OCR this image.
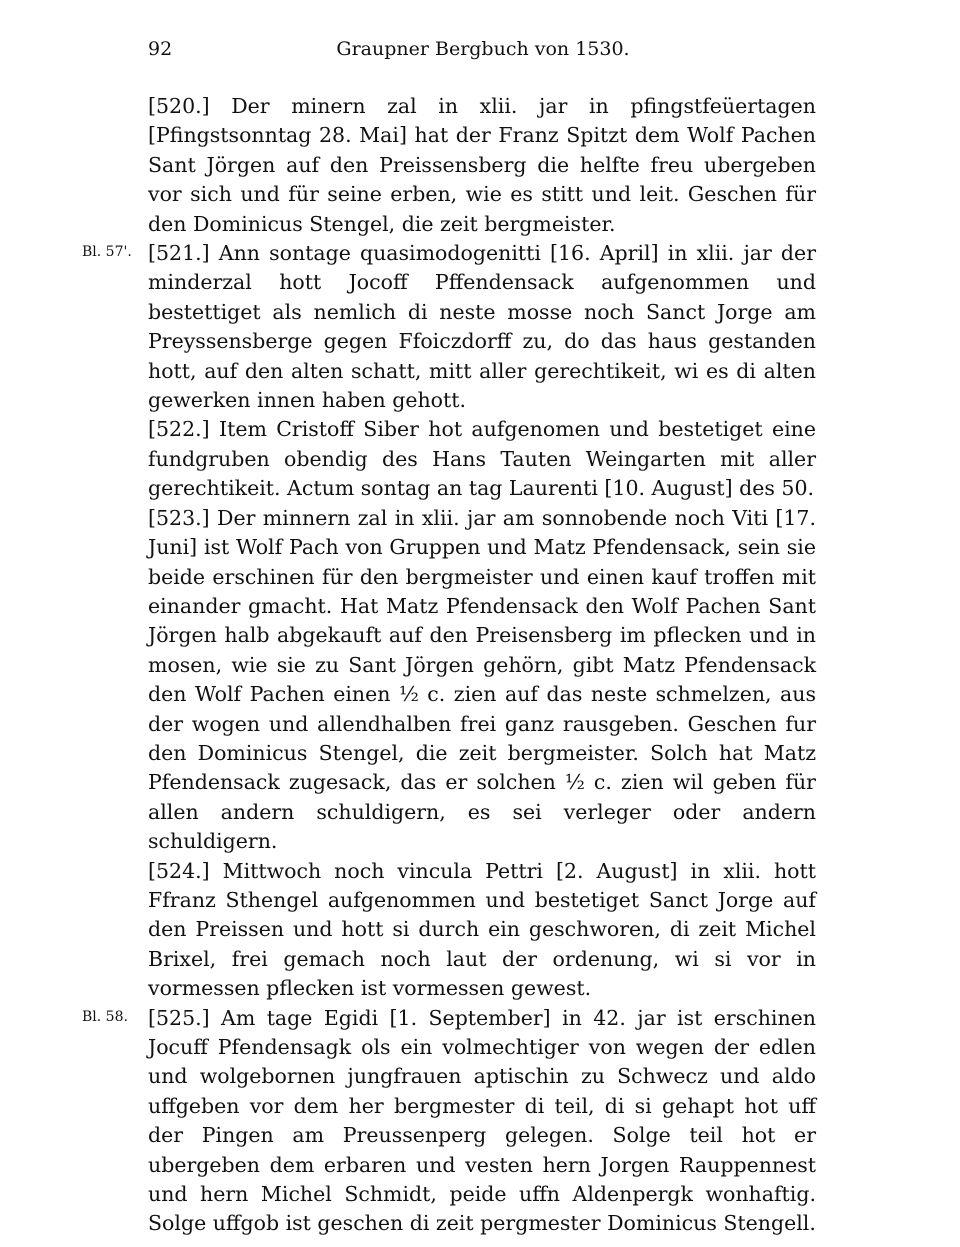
92	Graupner Bergbuch von 1530.

[520.] Der minern zal in xlii. jar in pfingstfeüertagen [Pfingstsonntag 28. Mai] hat der Franz Spitzt dem Wolf Pachen Sant Jörgen auf den Preissensberg die helfte freu ubergeben vor sich und für seine erben, wie es stitt und leit. Geschen für den Dominicus Stengel, die zeit bergmeister.

Bl. 57'. [521.] Ann sontage quasimodogenitti [16. April] in xlii. jar der minderzal hott Jocoff Pffendensack aufgenommen und bestettiget als nemlich di neste mosse noch Sanct Jorge am Preyssensberge gegen Ffoiczdorff zu, do das haus gestanden hott, auf den alten schatt, mitt aller gerechtikeit, wi es di alten gewerken innen haben gehott.

[522.] Item Cristoff Siber hot aufgenomen und bestetiget eine fundgruben obendig des Hans Tauten Weingarten mit aller gerechtikeit. Actum sontag an tag Laurenti [10. August] des 50.

[523.] Der minnern zal in xlii. jar am sonnobende noch Viti [17. Juni] ist Wolf Pach von Gruppen und Matz Pfendensack, sein sie beide erschinen für den bergmeister und einen kauf troffen mit einander gmacht. Hat Matz Pfendensack den Wolf Pachen Sant Jörgen halb abgekauft auf den Preisensberg im pflecken und in mosen, wie sie zu Sant Jörgen gehörn, gibt Matz Pfendensack den Wolf Pachen einen ½ c. zien auf das neste schmelzen, aus der wogen und allendhalben frei ganz rausgeben. Geschen fur den Dominicus Stengel, die zeit bergmeister. Solch hat Matz Pfendensack zugesack, das er solchen ½ c. zien wil geben für allen andern schuldigern, es sei verleger oder andern schuldigern.

[524.] Mittwoch noch vincula Pettri [2. August] in xlii. hott Ffranz Sthengel aufgenommen und bestetiget Sanct Jorge auf den Preissen und hott si durch ein geschworen, di zeit Michel Brixel, frei gemach noch laut der ordenung, wi si vor in vormessen pflecken ist vormessen gewest.

Bl. 58. [525.] Am tage Egidi [1. September] in 42. jar ist erschinen Jocuff Pfendensagk ols ein volmechtiger von wegen der edlen und wolgebornen jungfrauen aptischin zu Schwecz und aldo uffgeben vor dem her bergmester di teil, di si gehapt hot uff der Pingen am Preussenperg gelegen. Solge teil hot er ubergeben dem erbaren und vesten hern Jorgen Rauppennest und hern Michel Schmidt, peide uffn Aldenpergk wonhaftig. Solge uffgob ist geschen di zeit pergmester Dominicus Stengell.
